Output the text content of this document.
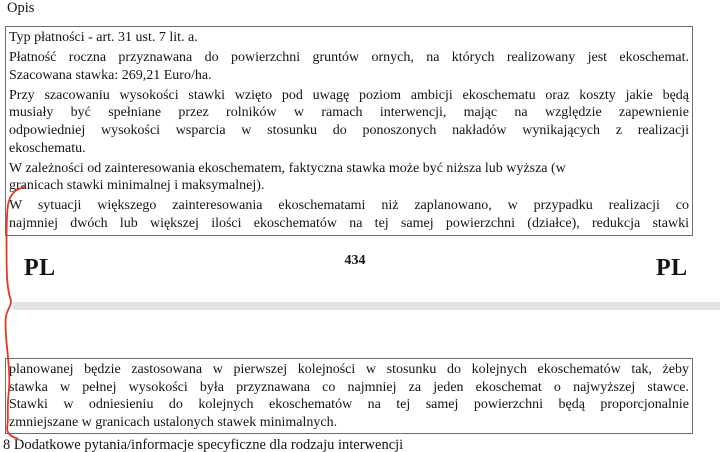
Opis
Typ płatności - art. 31 ust. 7 lit. a.
Płatność roczna przyznawana do powierzchni gruntów ornych, na których realizowany jest ekoschemat.
Szacowana stawka: 269,21 Euro/ha.
Przy szacowaniu wysokości stawki wzięto pod uwagę poziom ambicji ekoschematu oraz koszty jakie będą
musiały być spełniane przez rolników w ramach interwencji, mając na względzie zapewnienie
odpowiedniej wysokości wsparcia w stosunku do ponoszonych nakładów wynikających z realizacji
ekoschematu.
W zależności od zainteresowania ekoschematem, faktyczna stawka może być niższa lub wyższa (w
granicach stawki minimalnej i maksymalnej).
W sytuacji większego zainteresowania ekoschematami niż zaplanowano, w przypadku realizacji co
najmniej dwóch lub większej ilości ekoschematów na tej samej powierzchni (działce), redukcja stawki
PL	434	PL
planowanej będzie zastosowana w pierwszej kolejności w stosunku do kolejnych ekoschematów tak, żeby
stawka w pełnej wysokości była przyznawana co najmniej za jeden ekoschemat o najwyższej stawce.
Stawki w odniesieniu do kolejnych ekoschematów na tej samej powierzchni będą proporcjonalnie
zmniejszane w granicach ustalonych stawek minimalnych.
8 Dodatkowe pytania/informacje specyficzne dla rodzaju interwencji
